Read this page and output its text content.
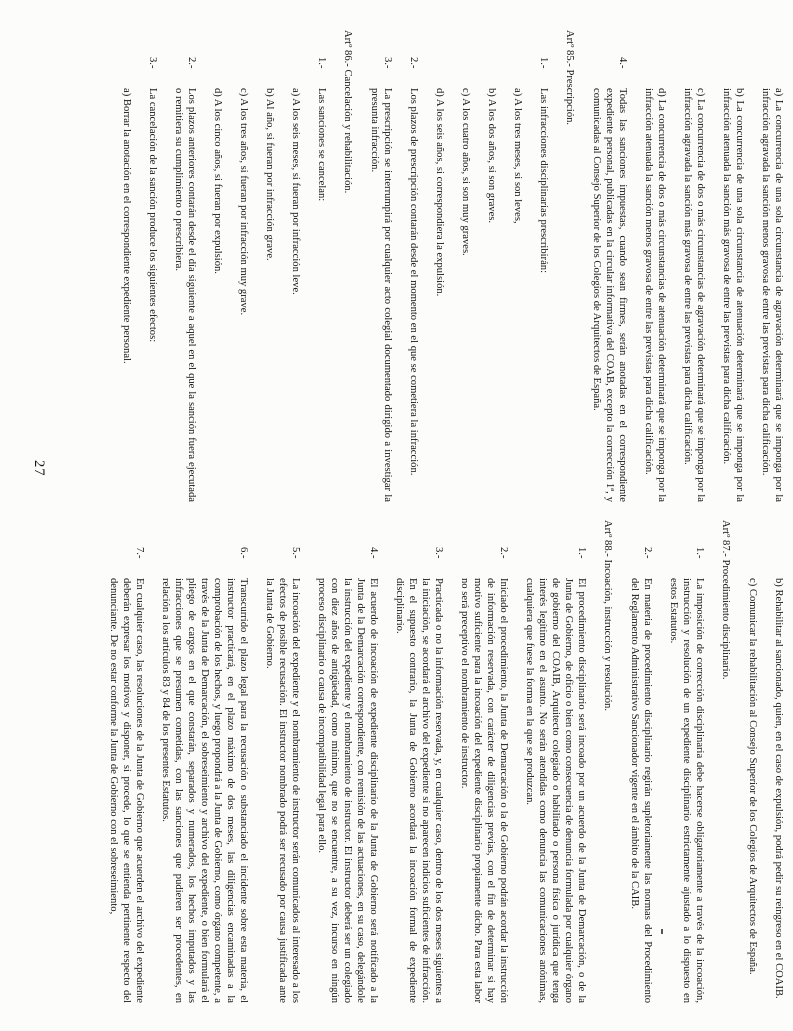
a) La concurrencia de una sola circunstancia de agravación determinará que se imponga por la infracción agravada la sanción menos gravosa de entre las previstas para dicha calificación.
b) La concurrencia de una sola circunstancia de atenuación determinará que se imponga por la infracción atenuada la sanción más gravosa de entre las previstas para dicha calificación.
c) La concurrencia de dos o más circunstancias de agravación determinará que se imponga por la infracción agravada la sanción más gravosa de entre las previstas para dicha calificación.
d) La concurrencia de dos o más circunstancias de atenuación determinará que se imponga por la infracción atenuada la sanción menos gravosa de entre las previstas para dicha calificación.
4.-
Todas las sanciones impuestas, cuando sean firmes, serán anotadas en el correspondiente expediente personal, publicadas en la circular informativa del COAB, excepto la corrección 1ª, y comunicadas al Consejo Superior de los Colegios de Arquitectos de España.
Artº 85.- Prescripción.
1.-
Las infracciones disciplinarias prescribirán:
a) A los tres meses, si son leves,
b) A los dos años, si son graves.
c) A los cuatro años, si son muy graves.
d) A los seis años, si correspondiera la expulsión.
2.-
Los plazos de prescripción contarán desde el momento en el que se cometiera la infracción.
3.-
La prescripción se interrumpirá por cualquier acto colegial documentado dirigido a investigar la presunta infracción.
Artº 86.- Cancelación y rehabilitación.
1.-
Las sanciones se cancelan:
a) A los seis meses, si fueran por infracción leve.
b) Al año, si fueran por infracción grave.
c) A los tres años, si fueran por infracción muy grave.
d) A los cinco años, si fueran por expulsión.
2.-
Los plazos anteriores contarán desde el día siguiente a aquel en el que la sanción fuera ejecutada o remitiera su cumplimiento o prescribiera.
3.-
La cancelación de la sanción produce los siguientes efectos:
a) Borrar la anotación en el correspondiente expediente personal.
b) Rehabilitar al sancionado, quien, en el caso de expulsión, podrá pedir su reingreso en el COAIB.
c) Comunicar la rehabilitación al Consejo Superior de los Colegios de Arquitectos de España.
Artº 87.- Procedimiento disciplinario.
1.-
La imposición de corrección disciplinaria debe hacerse obligatoriamente a través de la incoación, instrucción y resolución de un expediente disciplinario estrictamente ajustado a lo dispuesto en estos Estatutos.
2.-
En materia de procedimiento disciplinario regirán supletoriamente las normas del Procedimiento del Reglamento Administrativo Sancionador vigente en el ámbito de la CAIB.
Artº 88.- Incoación, instrucción y resolución.
1.-
El procedimiento disciplinario será incoado por un acuerdo de la Junta de Demarcación, o de la Junta de Gobierno, de oficio o bien como consecuencia de denuncia formulada por cualquier órgano de gobierno del COAIB, Arquitecto colegiado o habilitado o persona física o jurídica que tenga interés legítimo en el asunto. No serán atendidas como denuncia las comunicaciones anónimas, cualquiera que fuese la forma en la que se produzcan.
2.-
Iniciado el procedimiento, la Junta de Demarcación o la de Gobierno podrán acordar la instrucción de información reservada, con carácter de diligencias previas, con el fin de determinar si hay motivo suficiente para la incoación del expediente disciplinario propiamente dicho. Para esta labor no será preceptivo el nombramiento de instructor.
3.-
Practicada o no la información reservada, y, en cualquier caso, dentro de los dos meses siguientes a la iniciación, se acordará el archivo del expediente si no aparecen indicios suficientes de infracción. En el supuesto contrario, la Junta de Gobierno acordará la incoación formal de expediente disciplinario.
4.-
El acuerdo de incoación de expediente disciplinario de la Junta de Gobierno será notificado a la Junta de la Demarcación correspondiente, con remisión de las actuaciones, en su caso, delegándole la instrucción del expediente y el nombramiento de instructor. El instructor deberá ser un colegiado con diez años de antigüedad, como mínimo, que no se encuentre, a su vez, incurso en ningún proceso disciplinario o causa de incompatibilidad legal para ello.
5.-
La incoación del expediente y el nombramiento de instructor serán comunicados al interesado a los efectos de posible recusación. El instructor nombrado podrá ser recusado por causa justificada ante la Junta de Gobierno.
6.-
Transcurrido el plazo legal para la recusación o substanciado el incidente sobre esta materia, el instructor practicará, en el plazo máximo de dos meses, las diligencias encaminadas a la comprobación de los hechos, y luego propondrá a la Junta de Gobierno, como órgano competente, a través de la Junta de Demarcación, el sobreseimiento y archivo del expediente, o bien formulará el pliego de cargos en el que constarán, separados y numerados, los hechos imputados y las infracciones que se presumen cometidas, con las sanciones que pudieren ser procedentes, en relación a los artículos 83 y 84 de los presentes Estatutos.
7.-
En cualquier caso, las resoluciones de la Junta de Gobierno que acuerden el archivo del expediente deberán expresar los motivos y disponer, si procede, lo que se entienda pertinente respecto del denunciante. De no estar conforme la Junta de Gobierno con el sobreseimiento,
27
